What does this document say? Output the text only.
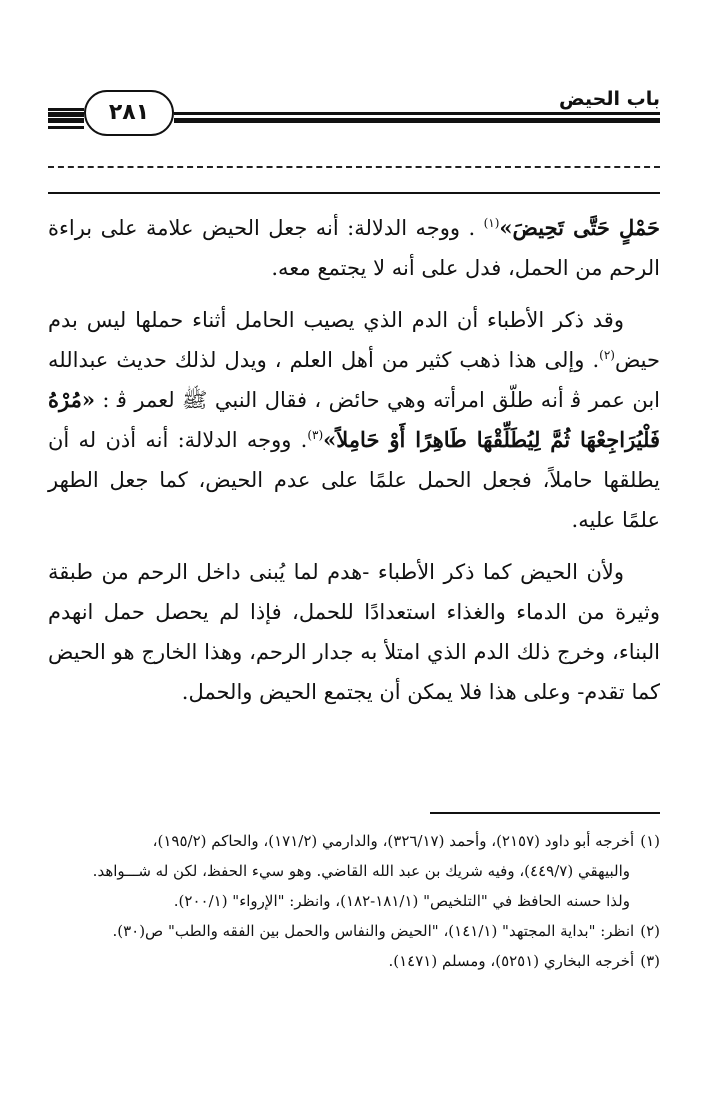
باب الحيض
٢٨١

حَمْلٍ حَتَّى تَحِيضَ»$^{(١)}$ . ووجه الدلالة: أنه جعل الحيض علامة على براءة الرحم من الحمل، فدل على أنه لا يجتمع معه.

وقد ذكر الأطباء أن الدم الذي يصيب الحامل أثناء حملها ليس بدم حيض$^{(٢)}$. وإلى هذا ذهب كثير من أهل العلم ، ويدل لذلك حديث عبدالله ابن عمر ﭬ أنه طلّق امرأته وهي حائض ، فقال النبي ﷺ لعمر ﭬ : «مُرْهُ فَلْيُرَاجِعْهَا ثُمَّ لِيُطَلِّقْهَا طَاهِرًا أَوْ حَامِلاً»$^{(٣)}$. ووجه الدلالة: أنه أذن له أن يطلقها حاملاً، فجعل الحمل علمًا على عدم الحيض، كما جعل الطهر علمًا عليه.

ولأن الحيض كما ذكر الأطباء -هدم لما يُبنى داخل الرحم من طبقة وثيرة من الدماء والغذاء استعدادًا للحمل، فإذا لم يحصل حمل انهدم البناء، وخرج ذلك الدم الذي امتلأ به جدار الرحم، وهذا الخارج هو الحيض كما تقدم- وعلى هذا فلا يمكن أن يجتمع الحيض والحمل.

(١)أخرجه أبو داود (٢١٥٧)، وأحمد (٣٢٦/١٧)، والدارمي (١٧١/٢)، والحاكم (١٩٥/٢)،

والبيهقي (٤٤٩/٧)، وفيه شريك بن عبد الله القاضي. وهو سيء الحفظ، لكن له شـــواهد.

ولذا حسنه الحافظ في "التلخيص" (١٨١/١-١٨٢)، وانظر: "الإرواء" (٢٠٠/١).

(٢)انظر: "بداية المجتهد" (١٤١/١)، "الحيض والنفاس والحمل بين الفقه والطب" ص(٣٠).

(٣)أخرجه البخاري (٥٢٥١)، ومسلم (١٤٧١).
